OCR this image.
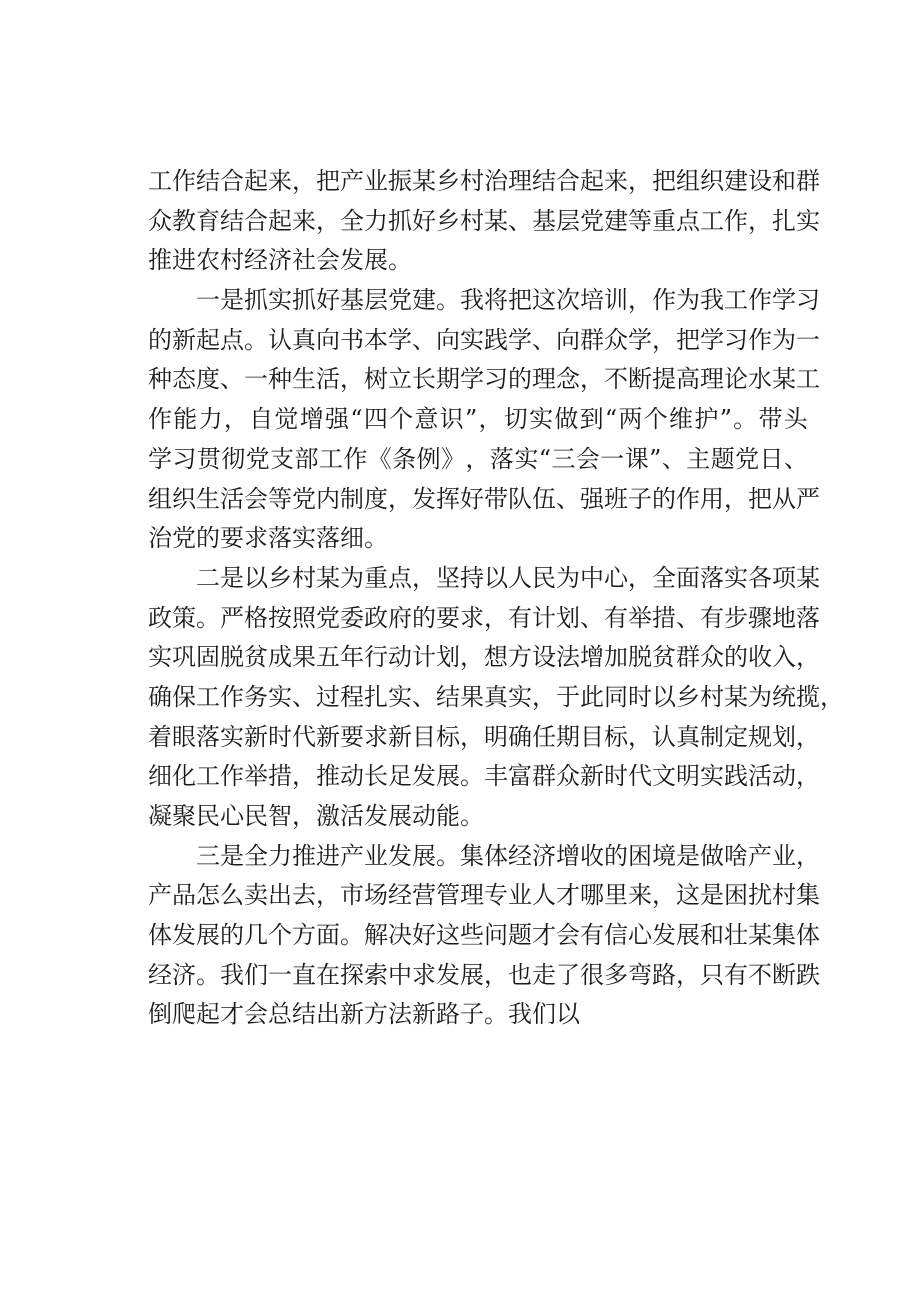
工 作 结 合 起 来 ， 把 产 业 振 某 乡 村 治 理 结 合 起 来 ， 把 组 织 建 设 和 群
众 教 育 结 合 起 来 ， 全 力 抓 好 乡 村 某 、 基 层 党 建 等 重 点 工 作 ， 扎 实
推进农村经济社会发展。
一 是 抓 实 抓 好 基 层 党 建 。 我 将 把 这 次 培 训 ， 作 为 我 工 作 学 习
的 新 起 点 。 认 真 向 书 本 学 、 向 实 践 学 、 向 群 众 学 ， 把 学 习 作 为 一
种 态 度 、 一 种 生 活 ， 树 立 长 期 学 习 的 理 念 ， 不 断 提 高 理 论 水 某 工
作 能 力 ， 自 觉 增 强 “ 四 个 意 识 ” ， 切 实 做 到 “ 两 个 维 护 ” 。 带 头
学 习 贯 彻 党 支 部 工 作 《 条 例 》 ， 落 实 “ 三 会 一 课 ” 、 主 题 党 日 、
组 织 生 活 会 等 党 内 制 度 ， 发 挥 好 带 队 伍 、 强 班 子 的 作 用 ， 把 从 严
治党的要求落实落细。
二 是 以 乡 村 某 为 重 点 ， 坚 持 以 人 民 为 中 心 ， 全 面 落 实 各 项 某
政 策 。 严 格 按 照 党 委 政 府 的 要 求 ， 有 计 划 、 有 举 措 、 有 步 骤 地 落
实 巩 固 脱 贫 成 果 五 年 行 动 计 划 ， 想 方 设 法 增 加 脱 贫 群 众 的 收 入 ，
确 保 工 作 务 实 、 过 程 扎 实 、 结 果 真 实 ， 于 此 同 时 以 乡 村 某 为 统 揽 ，
着 眼 落 实 新 时 代 新 要 求 新 目 标 ， 明 确 任 期 目 标 ， 认 真 制 定 规 划 ，
细 化 工 作 举 措 ， 推 动 长 足 发 展 。 丰 富 群 众 新 时 代 文 明 实 践 活 动 ，
凝聚民心民智，激活发展动能。
三 是 全 力 推 进 产 业 发 展 。 集 体 经 济 增 收 的 困 境 是 做 啥 产 业 ，
产 品 怎 么 卖 出 去 ， 市 场 经 营 管 理 专 业 人 才 哪 里 来 ， 这 是 困 扰 村 集
体 发 展 的 几 个 方 面 。 解 决 好 这 些 问 题 才 会 有 信 心 发 展 和 壮 某 集 体
经 济 。 我 们 一 直 在 探 索 中 求 发 展 ， 也 走 了 很 多 弯 路 ， 只 有 不 断 跌
倒爬起才会总结出新方法新路子。我们以
